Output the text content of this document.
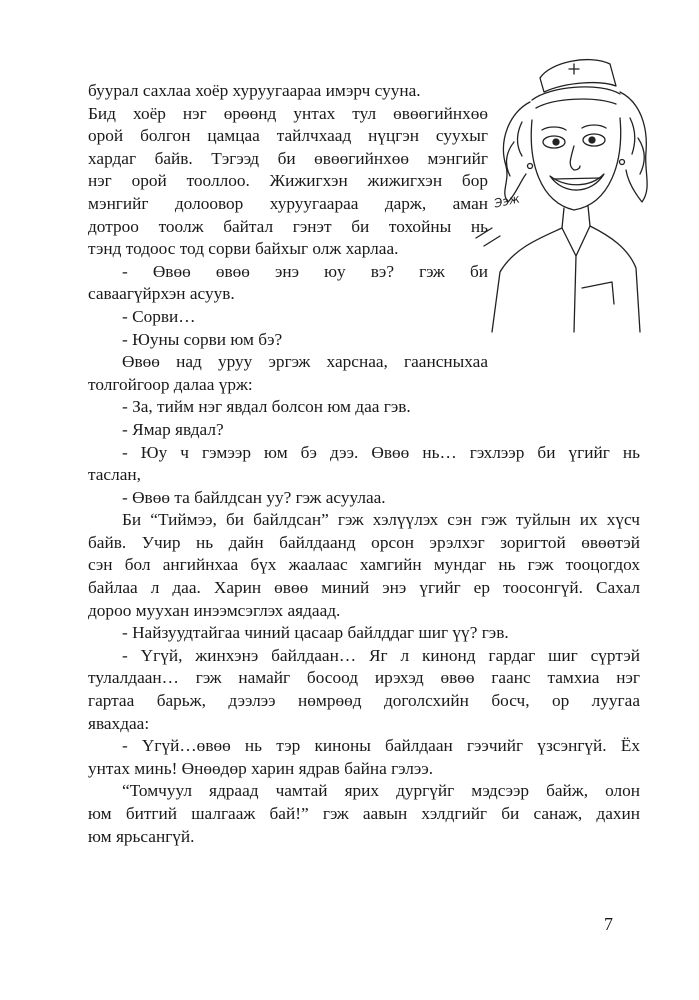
Ээж
буурал сахлаа хоёр хуруугаараа имэрч сууна.
Бид хоёр нэг өрөөнд унтах тул өвөөгийнхөө
орой болгон цамцаа тайлчхаад нүцгэн суухыг
хардаг байв. Тэгээд би өвөөгийнхөө мэнгийг
нэг орой тооллоо. Жижигхэн жижигхэн бор
мэнгийг долоовор хуруугаараа дарж, аман
дотроо тоолж байтал гэнэт би тохойны нь
тэнд тодоос тод сорви байхыг олж харлаа.
- Өвөө өвөө энэ юу вэ? гэж би
саваагүйрхэн асуув.
- Сорви…
- Юуны сорви юм бэ?
Өвөө над уруу эргэж харснаа, гаансныхаа
толгойгоор далаа үрж:
- За, тийм нэг явдал болсон юм даа гэв.
- Ямар явдал?
- Юу ч гэмээр юм бэ дээ. Өвөө нь… гэхлээр би үгийг нь
таслан,
- Өвөө та байлдсан уу? гэж асуулаа.
Би “Тиймээ, би байлдсан” гэж хэлүүлэх сэн гэж туйлын их хүсч
байв. Учир нь дайн байлдаанд орсон эрэлхэг зоригтой өвөөтэй
сэн бол ангийнхаа бүх жаалаас хамгийн мундаг нь гэж тооцогдох
байлаа л даа. Харин өвөө миний энэ үгийг ер тоосонгүй. Сахал
дороо муухан инээмсэглэх аядаад.
- Найзуудтайгаа чиний цасаар байлддаг шиг үү? гэв.
- Үгүй, жинхэнэ байлдаан… Яг л кинонд гардаг шиг сүртэй
тулалдаан… гэж намайг босоод ирэхэд өвөө гаанс тамхиа нэг
гартаа барьж, дээлээ нөмрөөд доголсхийн босч, ор луугаа
явахдаа:
- Үгүй…өвөө нь тэр киноны байлдаан гээчийг үзсэнгүй. Ёх
унтах минь! Өнөөдөр харин ядрав байна гэлээ.
“Томчуул ядраад чамтай ярих дургүйг мэдсээр байж, олон
юм битгий шалгааж бай!” гэж аавын хэлдгийг би санаж, дахин
юм ярьсангүй.
7
